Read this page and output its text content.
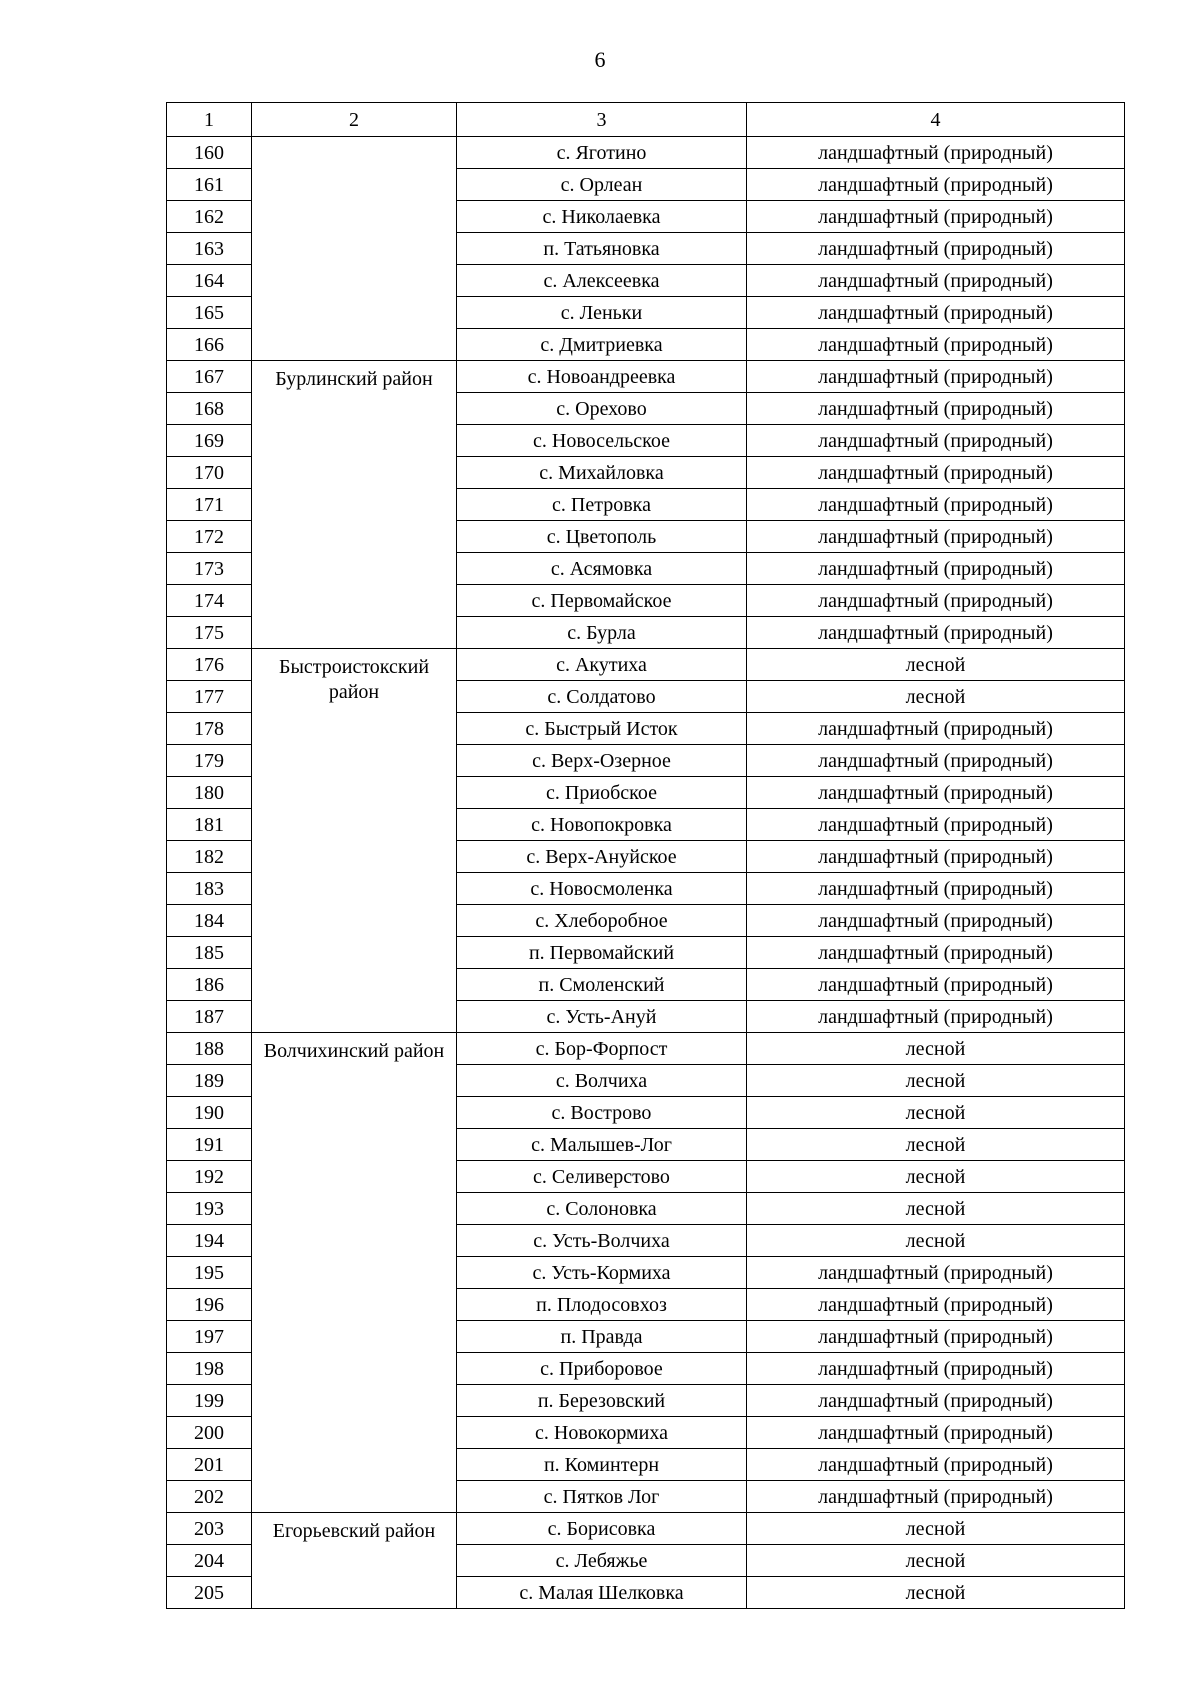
6
1	2	3	4
160		с. Яготино	ландшафтный (природный)
161		с. Орлеан	ландшафтный (природный)
162		с. Николаевка	ландшафтный (природный)
163		п. Татьяновка	ландшафтный (природный)
164		с. Алексеевка	ландшафтный (природный)
165		с. Леньки	ландшафтный (природный)
166		с. Дмитриевка	ландшафтный (природный)
167	Бурлинский район	с. Новоандреевка	ландшафтный (природный)
168		с. Орехово	ландшафтный (природный)
169		с. Новосельское	ландшафтный (природный)
170		с. Михайловка	ландшафтный (природный)
171		с. Петровка	ландшафтный (природный)
172		с. Цветополь	ландшафтный (природный)
173		с. Асямовка	ландшафтный (природный)
174		с. Первомайское	ландшафтный (природный)
175		с. Бурла	ландшафтный (природный)
176	Быстроистокский район	с. Акутиха	лесной
177		с. Солдатово	лесной
178		с. Быстрый Исток	ландшафтный (природный)
179		с. Верх-Озерное	ландшафтный (природный)
180		с. Приобское	ландшафтный (природный)
181		с. Новопокровка	ландшафтный (природный)
182		с. Верх-Ануйское	ландшафтный (природный)
183		с. Новосмоленка	ландшафтный (природный)
184		с. Хлеборобное	ландшафтный (природный)
185		п. Первомайский	ландшафтный (природный)
186		п. Смоленский	ландшафтный (природный)
187		с. Усть-Ануй	ландшафтный (природный)
188	Волчихинский район	с. Бор-Форпост	лесной
189		с. Волчиха	лесной
190		с. Вострово	лесной
191		с. Малышев-Лог	лесной
192		с. Селиверстово	лесной
193		с. Солоновка	лесной
194		с. Усть-Волчиха	лесной
195		с. Усть-Кормиха	ландшафтный (природный)
196		п. Плодосовхоз	ландшафтный (природный)
197		п. Правда	ландшафтный (природный)
198		с. Приборовое	ландшафтный (природный)
199		п. Березовский	ландшафтный (природный)
200		с. Новокормиха	ландшафтный (природный)
201		п. Коминтерн	ландшафтный (природный)
202		с. Пятков Лог	ландшафтный (природный)
203	Егорьевский район	с. Борисовка	лесной
204		с. Лебяжье	лесной
205		с. Малая Шелковка	лесной
